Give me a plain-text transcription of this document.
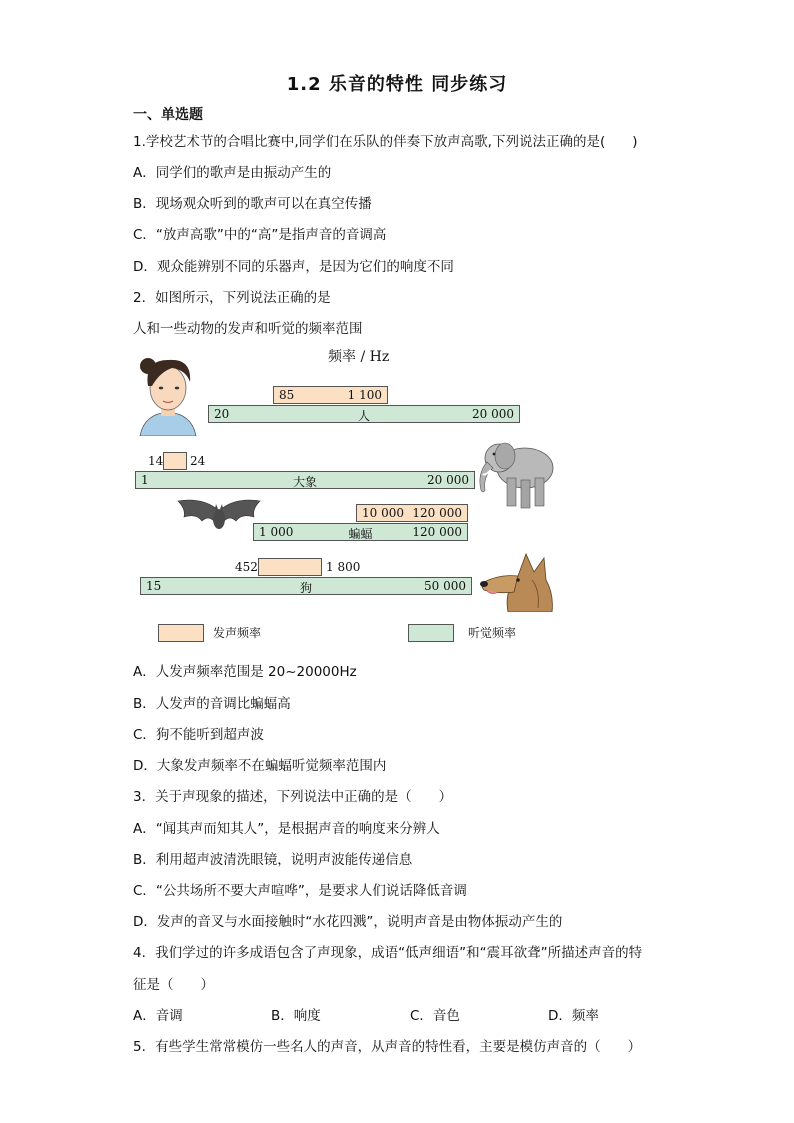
1.2 乐音的特性 同步练习
一、单选题
1.学校艺术节的合唱比赛中,同学们在乐队的伴奏下放声高歌,下列说法正确的是(　　)
A．同学们的歌声是由振动产生的
B．现场观众听到的歌声可以在真空传播
C．“放声高歌”中的“高”是指声音的音调高
D．观众能辨别不同的乐器声，是因为它们的响度不同
2．如图所示，下列说法正确的是
人和一些动物的发声和听觉的频率范围
频率 / Hz
85	1 100
20	人	20 000
14 24
1	大象	20 000
10 000 120 000
1 000	蝙蝠	120 000
452	1 800
15	狗	50 000
发声频率	听觉频率
A．人发声频率范围是 20~20000Hz
B．人发声的音调比蝙蝠高
C．狗不能听到超声波
D．大象发声频率不在蝙蝠听觉频率范围内
3．关于声现象的描述，下列说法中正确的是（　　）
A．“闻其声而知其人”，是根据声音的响度来分辨人
B．利用超声波清洗眼镜，说明声波能传递信息
C．“公共场所不要大声喧哗”，是要求人们说话降低音调
D．发声的音叉与水面接触时“水花四溅”，说明声音是由物体振动产生的
4．我们学过的许多成语包含了声现象，成语“低声细语”和“震耳欲聋”所描述声音的特
征是（　　）
A．音调	B．响度	C．音色	D．频率
5．有些学生常常模仿一些名人的声音，从声音的特性看，主要是模仿声音的（　　）
